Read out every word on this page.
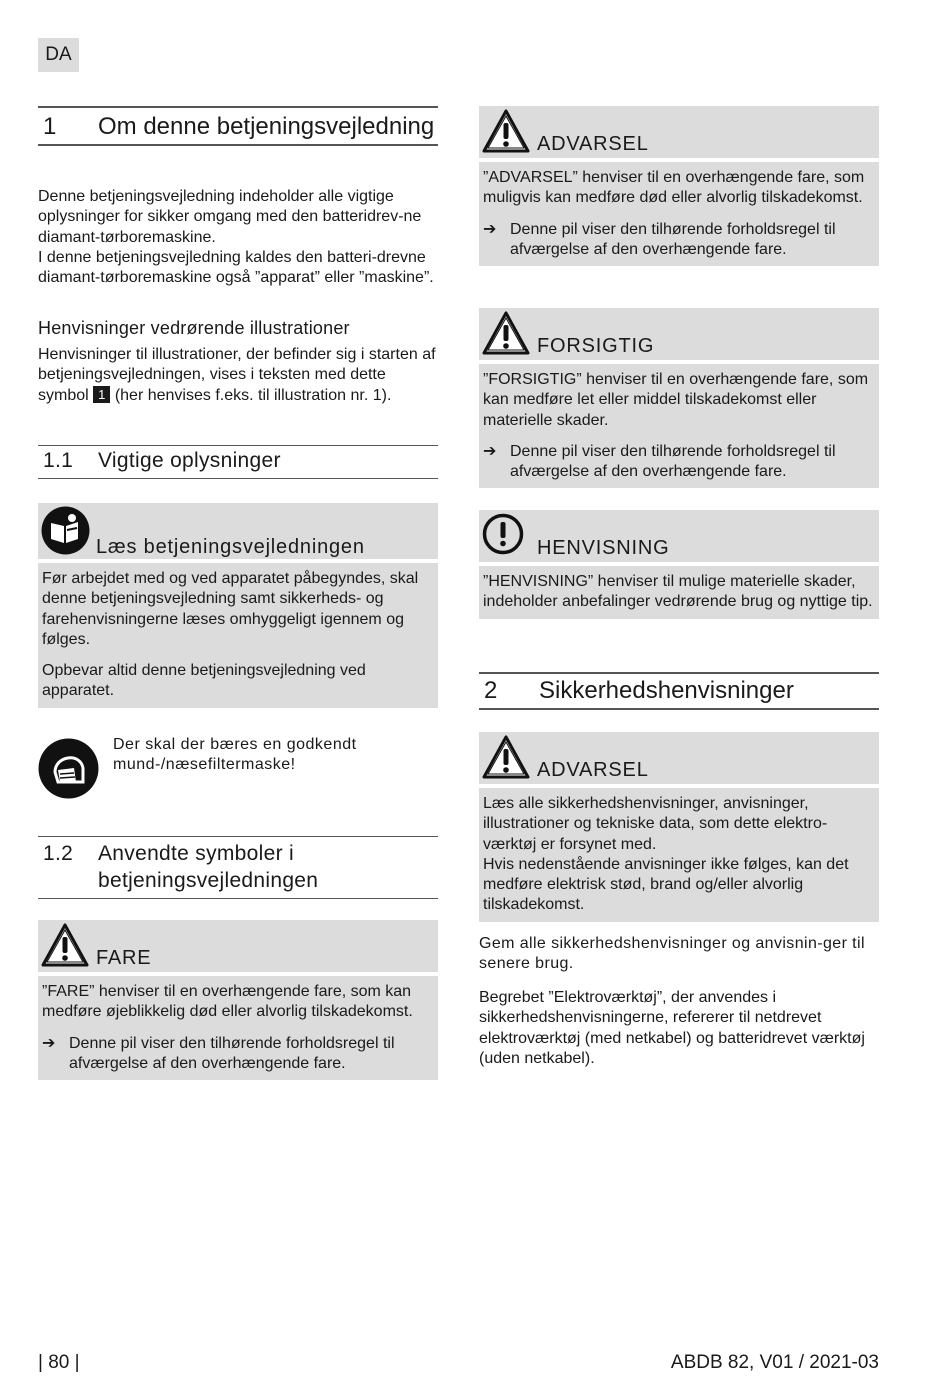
DA
1	Om denne betjeningsvejledning

Denne betjeningsvejledning indeholder alle vigtige oplysninger for sikker omgang med den batteridrev-ne diamant-tørboremaskine.

I denne betjeningsvejledning kaldes den batteri-drevne diamant-tørboremaskine også ”apparat” eller ”maskine”.

Henvisninger vedrørende illustrationer

Henvisninger til illustrationer, der befinder sig i starten af betjeningsvejledningen, vises i teksten med dette symbol 1 (her henvises f.eks. til illustration nr. 1).

1.1	Vigtige oplysninger
Læs betjeningsvejledningen

Før arbejdet med og ved apparatet påbegyndes, skal denne betjeningsvejledning samt sikkerheds- og farehenvisningerne læses omhyggeligt igennem og følges.

Opbevar altid denne betjeningsvejledning ved apparatet.

Der skal der bæres en godkendt mund-/næsefiltermaske!

1.2	Anvendte symboler i betjeningsvejledningen
FARE

”FARE” henviser til en overhængende fare, som kan medføre øjeblikkelig død eller alvorlig tilskadekomst.

➔ Denne pil viser den tilhørende forholdsregel til afværgelse af den overhængende fare.
ADVARSEL

”ADVARSEL” henviser til en overhængende fare, som muligvis kan medføre død eller alvorlig tilskadekomst.

➔ Denne pil viser den tilhørende forholdsregel til afværgelse af den overhængende fare.
FORSIGTIG

”FORSIGTIG” henviser til en overhængende fare, som kan medføre let eller middel tilskadekomst eller materielle skader.

➔ Denne pil viser den tilhørende forholdsregel til afværgelse af den overhængende fare.
HENVISNING

”HENVISNING” henviser til mulige materielle skader, indeholder anbefalinger vedrørende brug og nyttige tip.

2	Sikkerhedshenvisninger
ADVARSEL

Læs alle sikkerhedshenvisninger, anvisninger, illustrationer og tekniske data, som dette elektro-værktøj er forsynet med.

Hvis nedenstående anvisninger ikke følges, kan det medføre elektrisk stød, brand og/eller alvorlig tilskadekomst.

Gem alle sikkerhedshenvisninger og anvisnin-ger til senere brug.

Begrebet ”Elektroværktøj”, der anvendes i sikkerhedshenvisningerne, refererer til netdrevet elektroværktøj (med netkabel) og batteridrevet værktøj (uden netkabel).

| 80 |	ABDB 82, V01 / 2021-03
